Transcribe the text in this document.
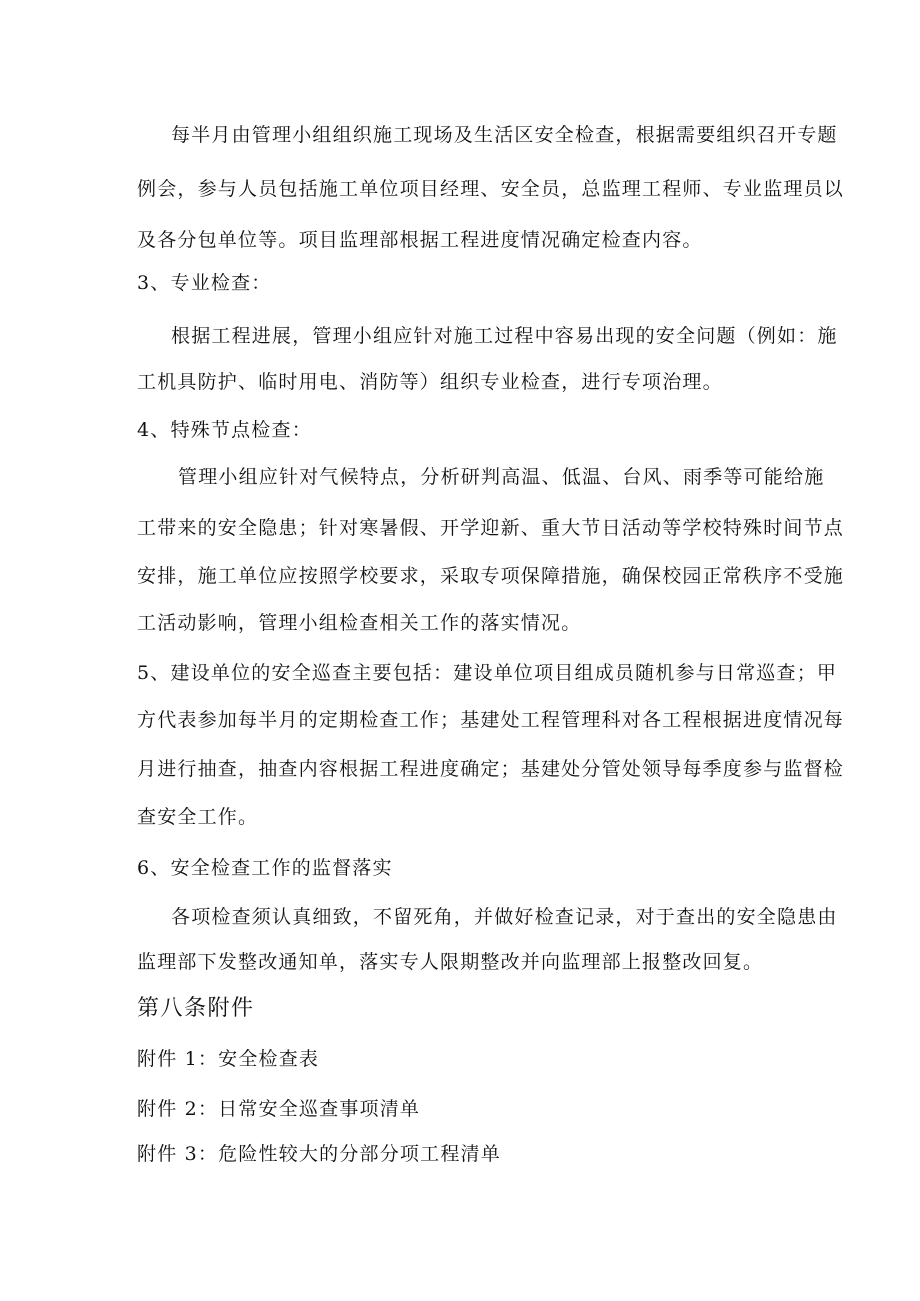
每半月由管理小组组织施工现场及生活区安全检查，根据需要组织召开专题
例会，参与人员包括施工单位项目经理、安全员，总监理工程师、专业监理员以
及各分包单位等。项目监理部根据工程进度情况确定检查内容。
3、专业检查：
根据工程进展，管理小组应针对施工过程中容易出现的安全问题（例如：施
工机具防护、临时用电、消防等）组织专业检查，进行专项治理。
4、特殊节点检查：
管理小组应针对气候特点，分析研判高温、低温、台风、雨季等可能给施
工带来的安全隐患；针对寒暑假、开学迎新、重大节日活动等学校特殊时间节点
安排，施工单位应按照学校要求，采取专项保障措施，确保校园正常秩序不受施
工活动影响，管理小组检查相关工作的落实情况。
5、建设单位的安全巡查主要包括：建设单位项目组成员随机参与日常巡查；甲
方代表参加每半月的定期检查工作；基建处工程管理科对各工程根据进度情况每
月进行抽查，抽查内容根据工程进度确定；基建处分管处领导每季度参与监督检
查安全工作。
6、安全检查工作的监督落实
各项检查须认真细致，不留死角，并做好检查记录，对于查出的安全隐患由
监理部下发整改通知单，落实专人限期整改并向监理部上报整改回复。
第八条附件
附件 1：安全检查表
附件 2：日常安全巡查事项清单
附件 3：危险性较大的分部分项工程清单
